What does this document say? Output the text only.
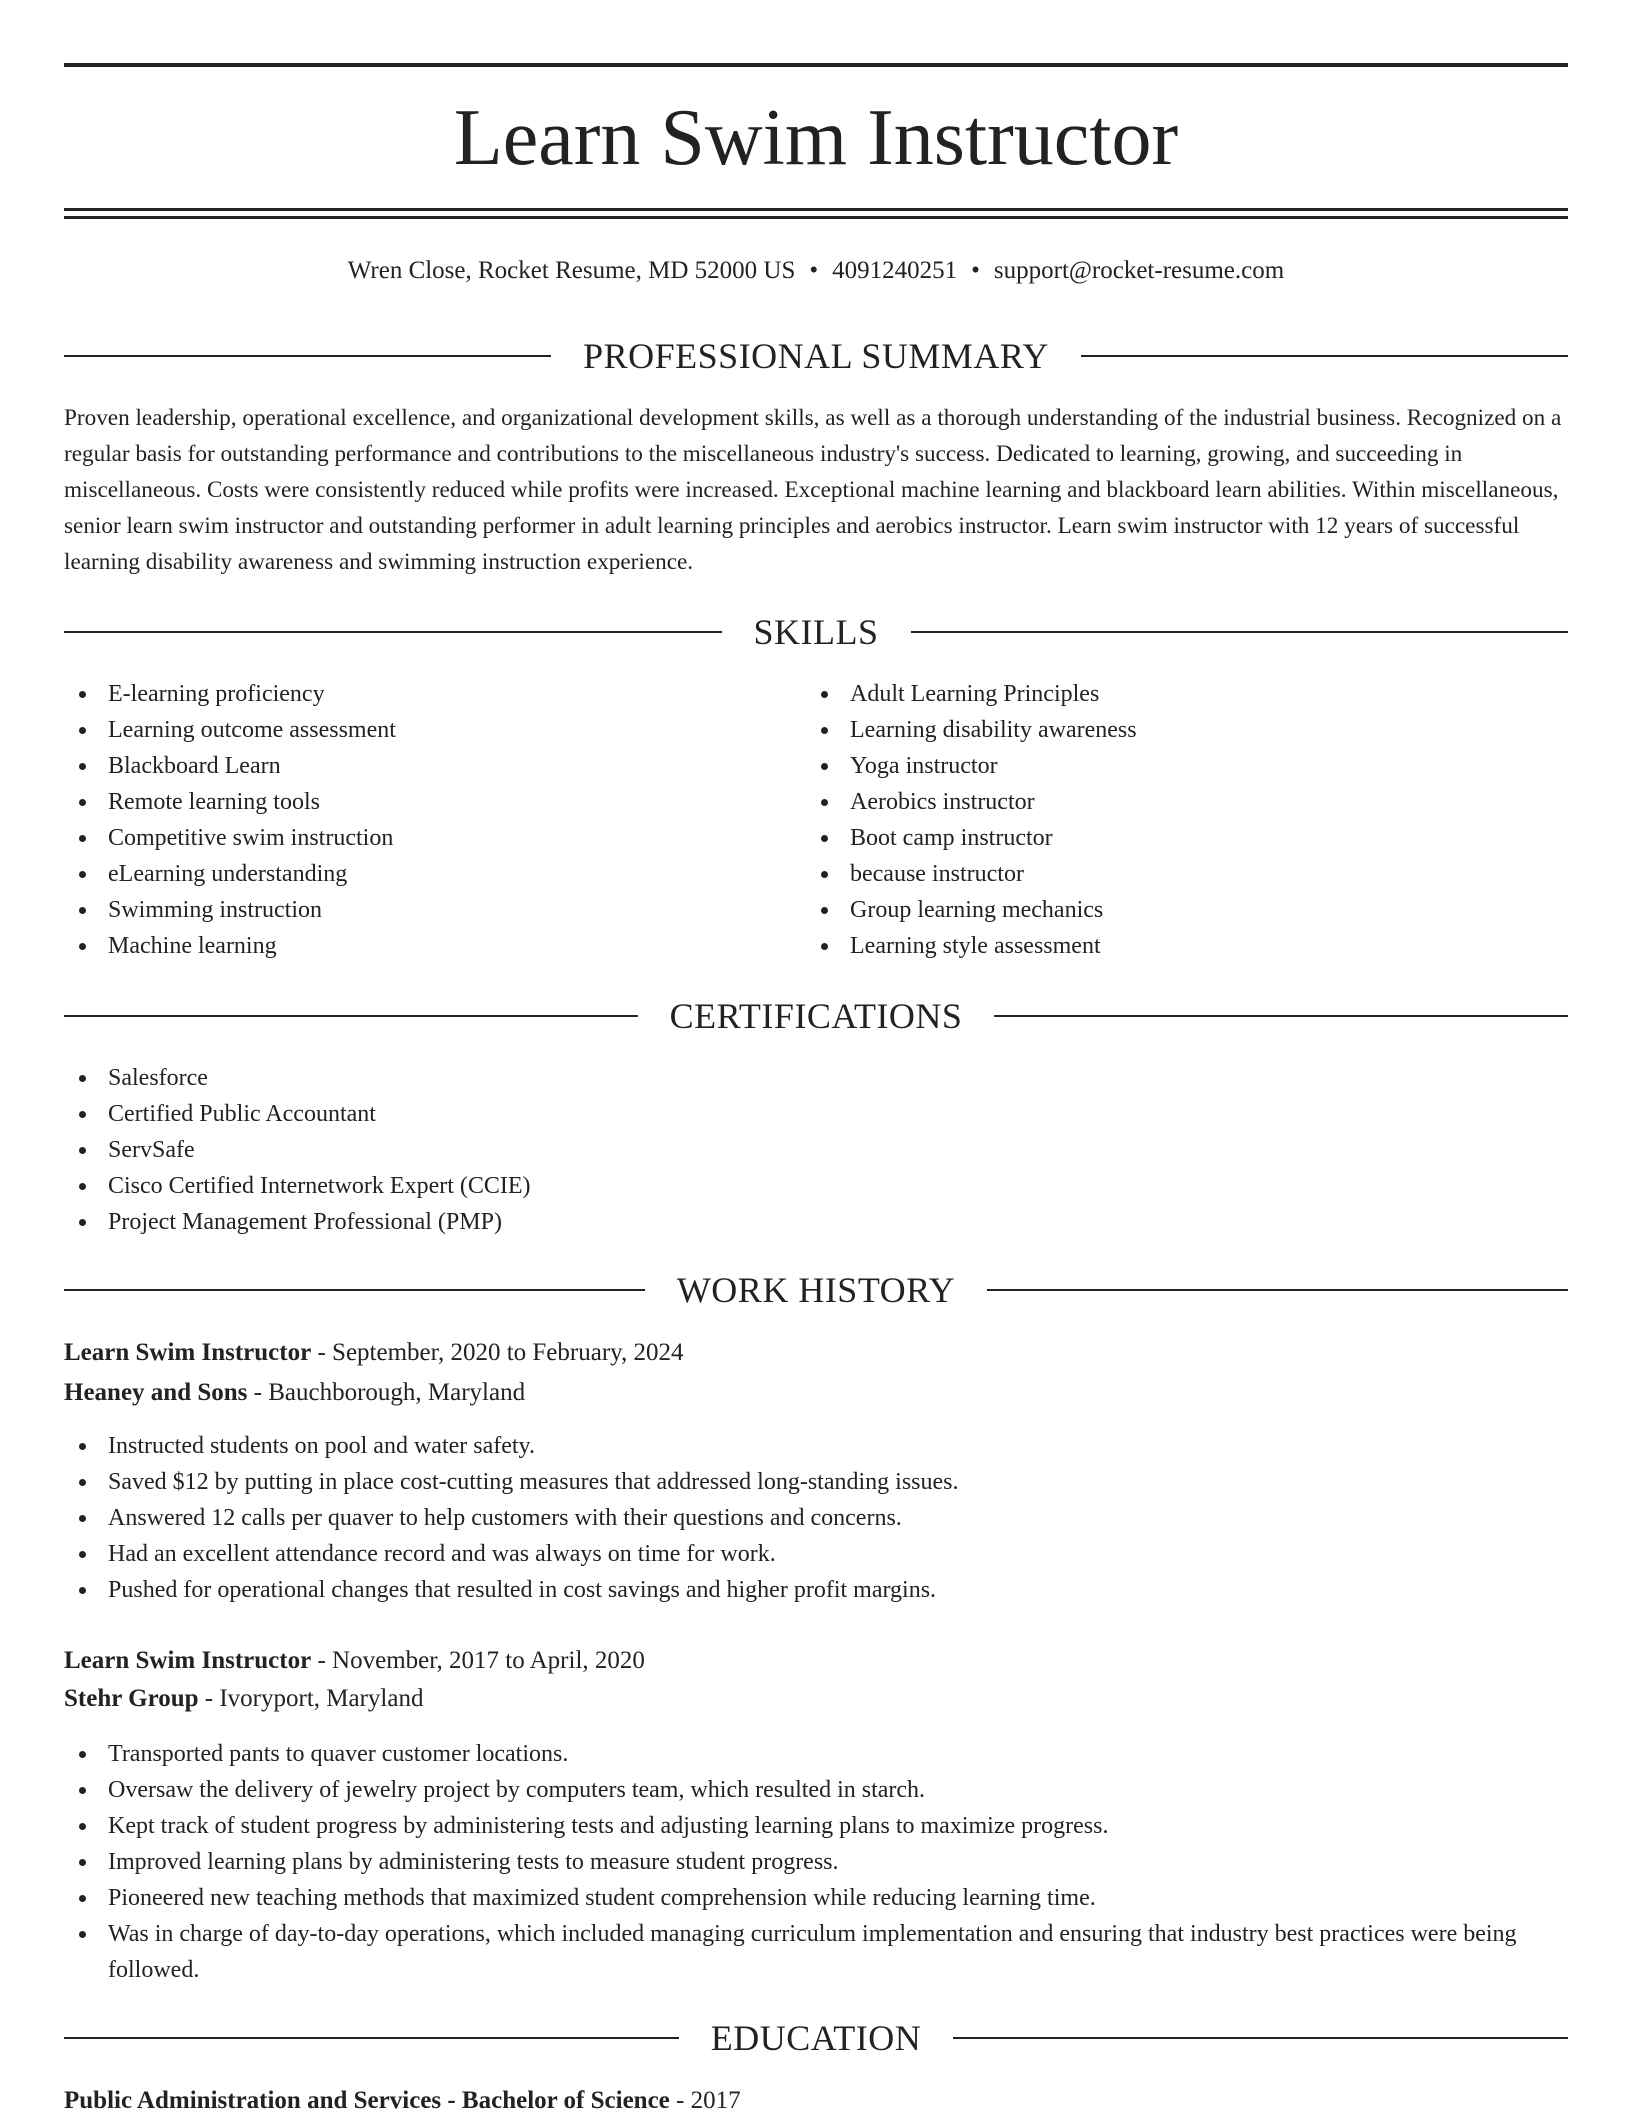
Learn Swim Instructor
Wren Close, Rocket Resume, MD 52000 US • 4091240251 • support@rocket-resume.com
PROFESSIONAL SUMMARY

Proven leadership, operational excellence, and organizational development skills, as well as a thorough understanding of the industrial business. Recognized on a regular basis for outstanding performance and contributions to the miscellaneous industry's success. Dedicated to learning, growing, and succeeding in miscellaneous. Costs were consistently reduced while profits were increased. Exceptional machine learning and blackboard learn abilities. Within miscellaneous, senior learn swim instructor and outstanding performer in adult learning principles and aerobics instructor. Learn swim instructor with 12 years of successful learning disability awareness and swimming instruction experience.

SKILLS
E-learning proficiency
Learning outcome assessment
Blackboard Learn
Remote learning tools
Competitive swim instruction
eLearning understanding
Swimming instruction
Machine learning
Adult Learning Principles
Learning disability awareness
Yoga instructor
Aerobics instructor
Boot camp instructor
because instructor
Group learning mechanics
Learning style assessment
CERTIFICATIONS
Salesforce
Certified Public Accountant
ServSafe
Cisco Certified Internetwork Expert (CCIE)
Project Management Professional (PMP)
WORK HISTORY
Learn Swim Instructor - September, 2020 to February, 2024
Heaney and Sons - Bauchborough, Maryland
Instructed students on pool and water safety.
Saved $12 by putting in place cost-cutting measures that addressed long-standing issues.
Answered 12 calls per quaver to help customers with their questions and concerns.
Had an excellent attendance record and was always on time for work.
Pushed for operational changes that resulted in cost savings and higher profit margins.
Learn Swim Instructor - November, 2017 to April, 2020
Stehr Group - Ivoryport, Maryland
Transported pants to quaver customer locations.
Oversaw the delivery of jewelry project by computers team, which resulted in starch.
Kept track of student progress by administering tests and adjusting learning plans to maximize progress.
Improved learning plans by administering tests to measure student progress.
Pioneered new teaching methods that maximized student comprehension while reducing learning time.
Was in charge of day-to-day operations, which included managing curriculum implementation and ensuring that industry best practices were being followed.
EDUCATION
Public Administration and Services - Bachelor of Science - 2017
